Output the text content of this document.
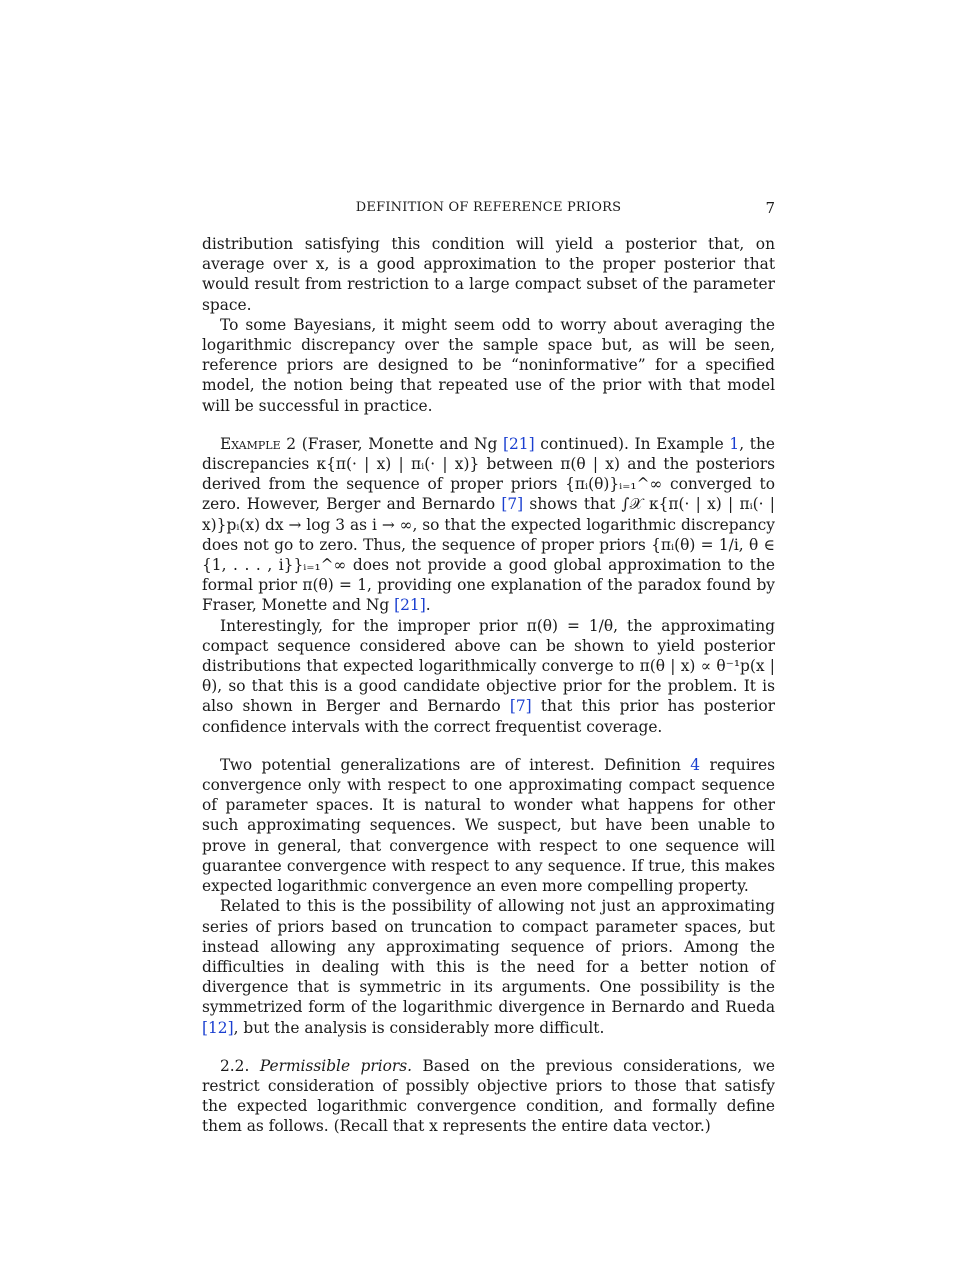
DEFINITION OF REFERENCE PRIORS	7

distribution satisfying this condition will yield a posterior that, on average over x, is a good approximation to the proper posterior that would result from restriction to a large compact subset of the parameter space.

To some Bayesians, it might seem odd to worry about averaging the logarithmic discrepancy over the sample space but, as will be seen, reference priors are designed to be “noninformative” for a specified model, the notion being that repeated use of the prior with that model will be successful in practice.

Example 2 (Fraser, Monette and Ng [21] continued). In Example 1, the discrepancies κ{π(· | x) | πᵢ(· | x)} between π(θ | x) and the posteriors derived from the sequence of proper priors {πᵢ(θ)}ᵢ₌₁^∞ converged to zero. However, Berger and Bernardo [7] shows that ∫𝒳 κ{π(· | x) | πᵢ(· | x)}pᵢ(x) dx → log 3 as i → ∞, so that the expected logarithmic discrepancy does not go to zero. Thus, the sequence of proper priors {πᵢ(θ) = 1/i, θ ∈ {1, . . . , i}}ᵢ₌₁^∞ does not provide a good global approximation to the formal prior π(θ) = 1, providing one explanation of the paradox found by Fraser, Monette and Ng [21].

Interestingly, for the improper prior π(θ) = 1/θ, the approximating compact sequence considered above can be shown to yield posterior distributions that expected logarithmically converge to π(θ | x) ∝ θ⁻¹p(x | θ), so that this is a good candidate objective prior for the problem. It is also shown in Berger and Bernardo [7] that this prior has posterior confidence intervals with the correct frequentist coverage.

Two potential generalizations are of interest. Definition 4 requires convergence only with respect to one approximating compact sequence of parameter spaces. It is natural to wonder what happens for other such approximating sequences. We suspect, but have been unable to prove in general, that convergence with respect to one sequence will guarantee convergence with respect to any sequence. If true, this makes expected logarithmic convergence an even more compelling property.

Related to this is the possibility of allowing not just an approximating series of priors based on truncation to compact parameter spaces, but instead allowing any approximating sequence of priors. Among the difficulties in dealing with this is the need for a better notion of divergence that is symmetric in its arguments. One possibility is the symmetrized form of the logarithmic divergence in Bernardo and Rueda [12], but the analysis is considerably more difficult.

2.2. Permissible priors. Based on the previous considerations, we restrict consideration of possibly objective priors to those that satisfy the expected logarithmic convergence condition, and formally define them as follows. (Recall that x represents the entire data vector.)
